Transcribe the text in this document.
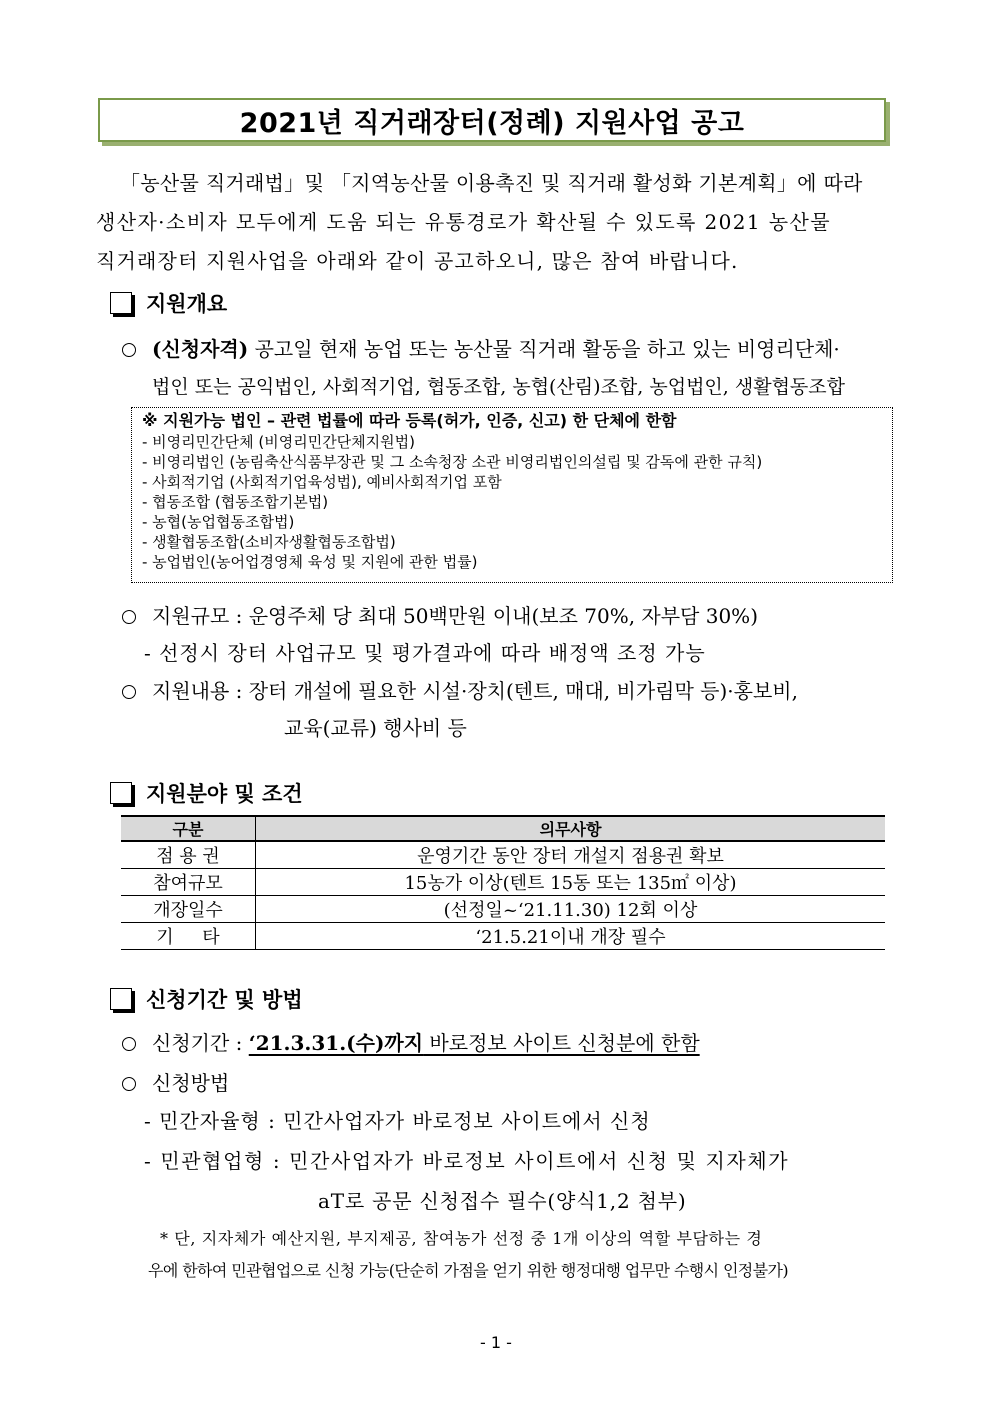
2021년 직거래장터(정례) 지원사업 공고
「농산물 직거래법」및 「지역농산물 이용촉진 및 직거래 활성화 기본계획」에 따라
생산자·소비자 모두에게 도움 되는 유통경로가 확산될 수 있도록 2021 농산물
직거래장터 지원사업을 아래와 같이 공고하오니, 많은 참여 바랍니다.
지원개요
(신청자격) 공고일 현재 농업 또는 농산물 직거래 활동을 하고 있는 비영리단체·
법인 또는 공익법인, 사회적기업, 협동조합, 농협(산림)조합, 농업법인, 생활협동조합
※ 지원가능 법인 – 관련 법률에 따라 등록(허가, 인증, 신고) 한 단체에 한함
- 비영리민간단체 (비영리민간단체지원법)
- 비영리법인 (농림축산식품부장관 및 그 소속청장 소관 비영리법인의설립 및 감독에 관한 규칙)
- 사회적기업 (사회적기업육성법), 예비사회적기업 포함
- 협동조합 (협동조합기본법)
- 농협(농업협동조합법)
- 생활협동조합(소비자생활협동조합법)
- 농업법인(농어업경영체 육성 및 지원에 관한 법률)
지원규모 : 운영주체 당 최대 50백만원 이내(보조 70%, 자부담 30%)
- 선정시 장터 사업규모 및 평가결과에 따라 배정액 조정 가능
지원내용 : 장터 개설에 필요한 시설·장치(텐트, 매대, 비가림막 등)·홍보비,
교육(교류) 행사비 등
지원분야 및 조건
구분	의무사항
점 용 권	운영기간 동안 장터 개설지 점용권 확보
참여규모	15농가 이상(텐트 15동 또는 135㎡ 이상)
개장일수	(선정일~‘21.11.30) 12회 이상
기     타	‘21.5.21이내 개장 필수
신청기간 및 방법
신청기간 : ‘21.3.31.(수)까지 바로정보 사이트 신청분에 한함
신청방법
- 민간자율형 : 민간사업자가 바로정보 사이트에서 신청
- 민관협업형 : 민간사업자가 바로정보 사이트에서 신청 및 지자체가
aT로 공문 신청접수 필수(양식1,2 첨부)
* 단, 지자체가 예산지원, 부지제공, 참여농가 선정 중 1개 이상의 역할 부담하는 경
우에 한하여 민관협업으로 신청 가능(단순히 가점을 얻기 위한 행정대행 업무만 수행시 인정불가)
- 1 -
